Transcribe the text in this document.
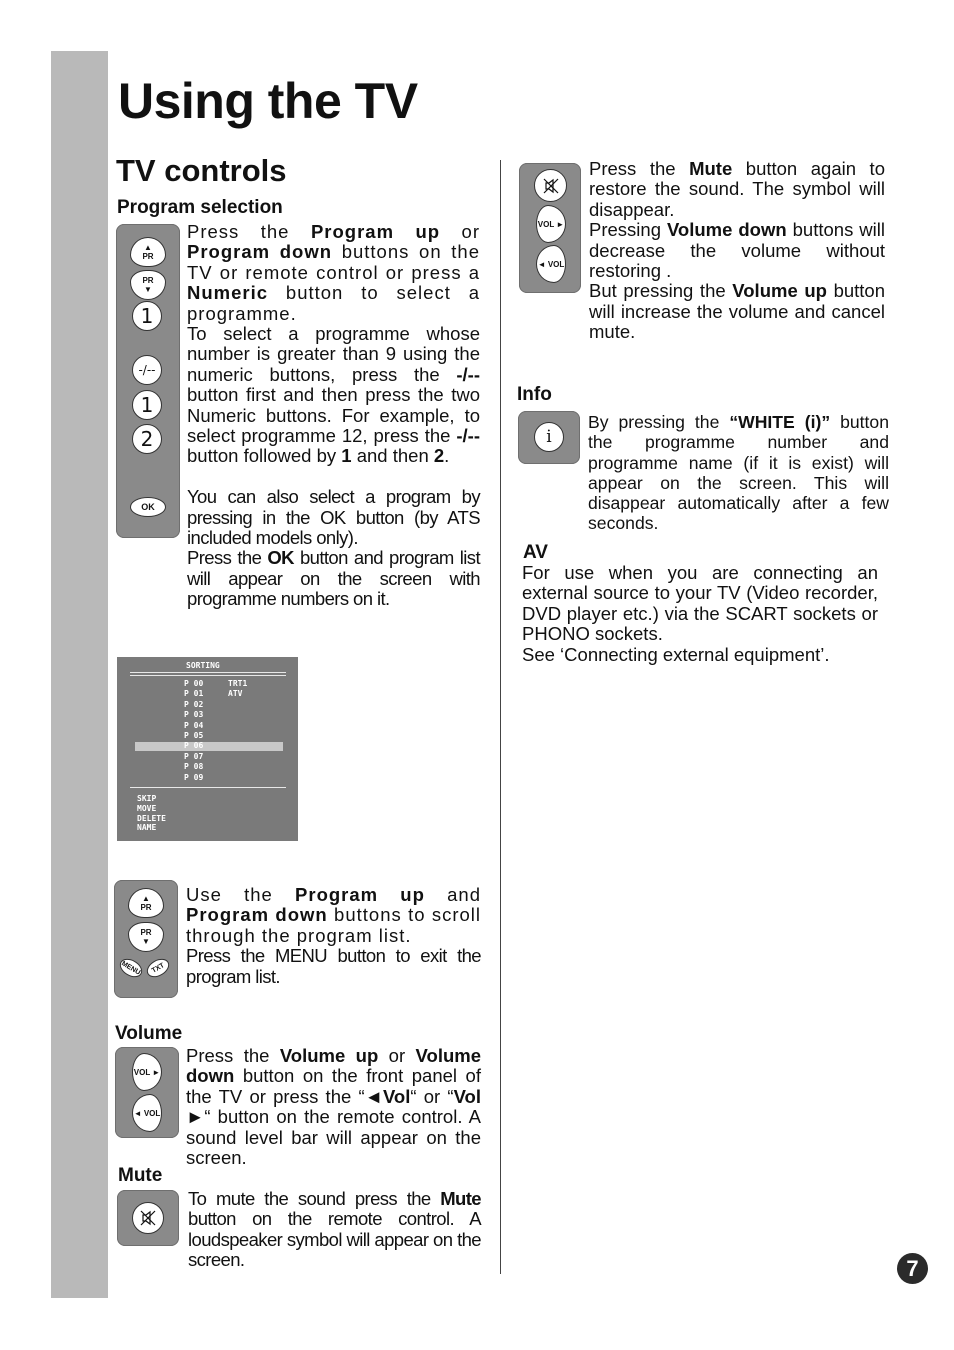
Using the TV
TV controls
Program selection
▲
PR
PR
▼
1
-/--
1
2
OK

Press the Program up or Program down buttons on the TV or remote control or press a Numeric button to select a programme.

To select a programme whose number is greater than 9 using the numeric buttons, press the -/-- button first and then press the two Numeric buttons. For example, to select programme 12, press the -/-- button followed by 1 and then 2.

You can also select a program by pressing in the OK button (by ATS included models only).

Press the OK button and program list will appear on the screen with programme numbers on it.

SORTING
P 00	TRT1
P 01	ATV
P 02
P 03
P 04
P 05
P 06
P 07
P 08
P 09
SKIP
MOVE
DELETE
NAME
▲
PR
PR
▼
MENU	TXT

Use the Program up and Program down buttons to scroll through the program list.

Press the MENU button to exit the program list.

Volume
VOL ►
◄ VOL

Press the Volume up or Volume down button on the front panel of the TV or press the “◄Vol“ or “Vol ►“ button on the remote control. A sound level bar will appear on the screen.

Mute

To mute the sound press the Mute button on the remote control. A loudspeaker symbol will appear on the screen.

VOL ►
◄ VOL

Press the Mute button again to restore the sound. The symbol will disappear.

Pressing Volume down buttons will decrease the volume without restoring .

But pressing the Volume up button will increase the volume and cancel mute.

Info
i

By pressing the “WHITE (i)” button the programme number and programme name (if it is exist) will appear on the screen. This will disappear automatically after a few seconds.

AV

For use when you are connecting an external source to your TV (Video recorder, DVD player etc.) via the SCART sockets or PHONO sockets.

See ‘Connecting external equipment’.

7
